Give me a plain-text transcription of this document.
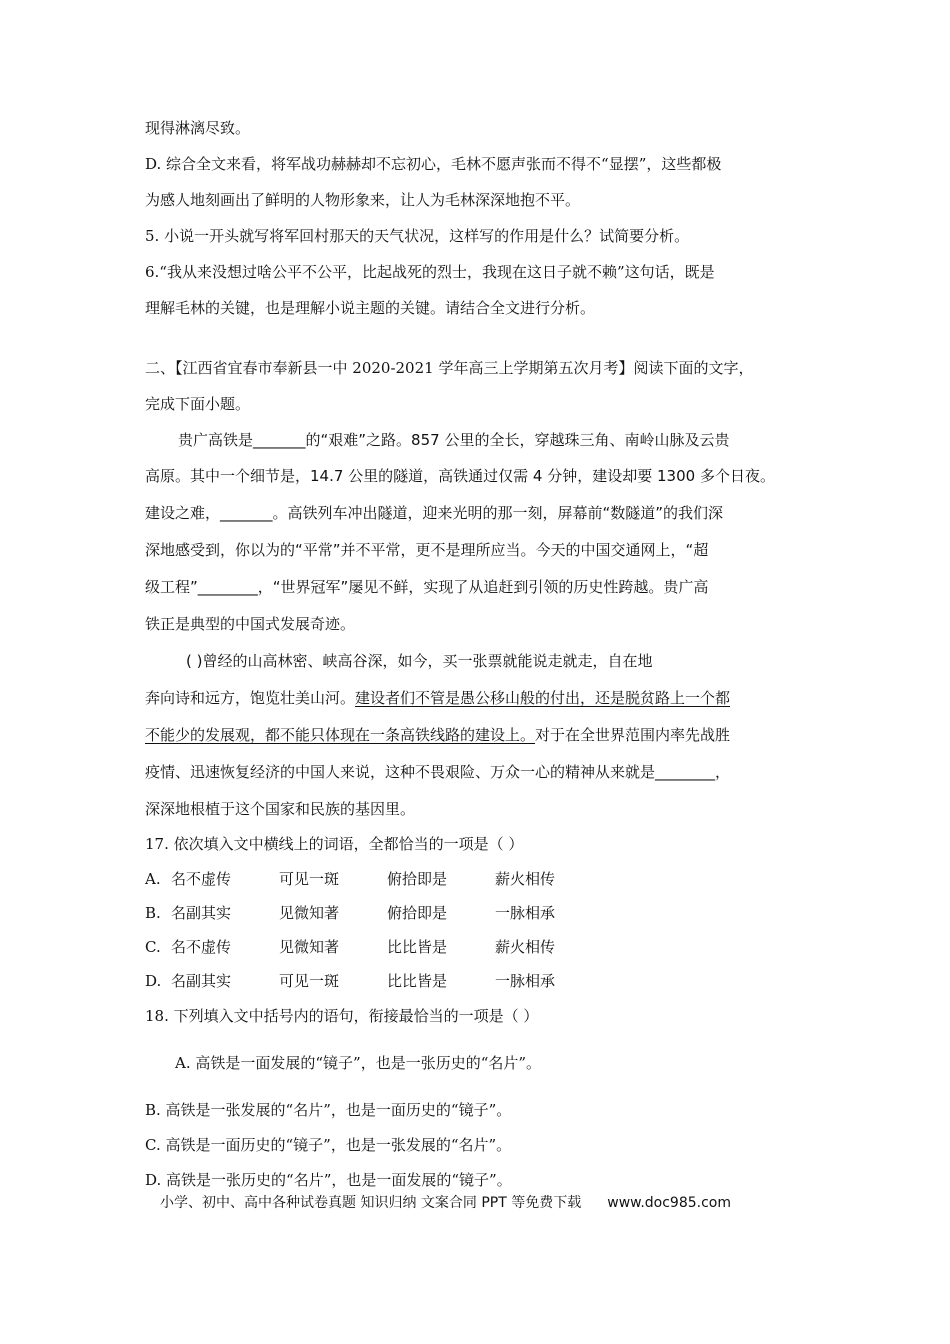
现得淋漓尽致。
D. 综合全文来看，将军战功赫赫却不忘初心，毛林不愿声张而不得不“显摆”，这些都极
为感人地刻画出了鲜明的人物形象来，让人为毛林深深地抱不平。
5. 小说一开头就写将军回村那天的天气状况，这样写的作用是什么？试简要分析。
6.“我从来没想过啥公平不公平，比起战死的烈士，我现在这日子就不赖”这句话，既是
理解毛林的关键，也是理解小说主题的关键。请结合全文进行分析。
二、【江西省宜春市奉新县一中 2020-2021 学年高三上学期第五次月考】阅读下面的文字，
完成下面小题。
贵广高铁是_______的“艰难”之路。857 公里的全长，穿越珠三角、南岭山脉及云贵
高原。其中一个细节是，14.7 公里的隧道，高铁通过仅需 4 分钟，建设却要 1300 多个日夜。
建设之难，_______。高铁列车冲出隧道，迎来光明的那一刻，屏幕前“数隧道”的我们深
深地感受到，你以为的“平常”并不平常，更不是理所应当。今天的中国交通网上，“超
级工程”________，“世界冠军”屡见不鲜，实现了从追赶到引领的历史性跨越。贵广高
铁正是典型的中国式发展奇迹。
( )曾经的山高林密、峡高谷深，如今，买一张票就能说走就走，自在地
奔向诗和远方，饱览壮美山河。建设者们不管是愚公移山般的付出，还是脱贫路上一个都
不能少的发展观，都不能只体现在一条高铁线路的建设上。对于在全世界范围内率先战胜
疫情、迅速恢复经济的中国人来说，这种不畏艰险、万众一心的精神从来就是________，
深深地根植于这个国家和民族的基因里。
17. 依次填入文中横线上的词语，全都恰当的一项是（ ）
A. 名不虚传	可见一斑	俯拾即是	薪火相传
B. 名副其实	见微知著	俯拾即是	一脉相承
C. 名不虚传	见微知著	比比皆是	薪火相传
D. 名副其实	可见一斑	比比皆是	一脉相承
18. 下列填入文中括号内的语句，衔接最恰当的一项是（ ）
A. 高铁是一面发展的“镜子”，也是一张历史的“名片”。
B. 高铁是一张发展的“名片”，也是一面历史的“镜子”。
C. 高铁是一面历史的“镜子”，也是一张发展的“名片”。
D. 高铁是一张历史的“名片”，也是一面发展的“镜子”。
小学、初中、高中各种试卷真题 知识归纳 文案合同 PPT 等免费下载 www.doc985.com
